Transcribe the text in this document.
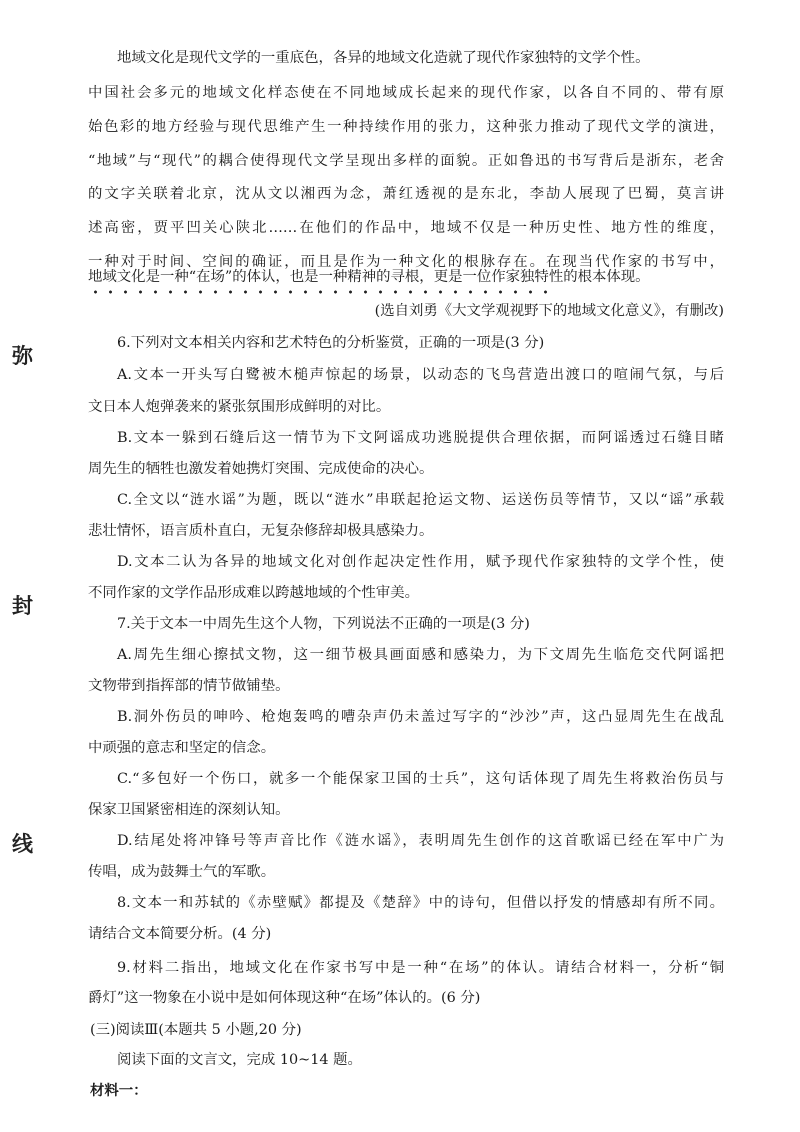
弥
封
线
地域文化是现代文学的一重底色，各异的地域文化造就了现代作家独特的文学个性。
中国社会多元的地域文化样态使在不同地域成长起来的现代作家，以各自不同的、带有原
始色彩的地方经验与现代思维产生一种持续作用的张力，这种张力推动了现代文学的演进，
“地域”与“现代”的耦合使得现代文学呈现出多样的面貌。正如鲁迅的书写背后是浙东，老舍
的文字关联着北京，沈从文以湘西为念，萧红透视的是东北，李劼人展现了巴蜀，莫言讲
述高密，贾平凹关心陕北……在他们的作品中，地域不仅是一种历史性、地方性的维度，
一种对于时间、空间的确证，而且是作为一种文化的根脉存在。在现当代作家的书写中，
地域文化是一种“在场”的体认，也是一种精神的寻根，更是一位作家独特性的根本体现。
(选自刘勇《大文学观视野下的地域文化意义》，有删改)
6.下列对文本相关内容和艺术特色的分析鉴赏，正确的一项是(3 分)
A.文本一开头写白鹭被木槌声惊起的场景，以动态的飞鸟营造出渡口的喧闹气氛，与后
文日本人炮弹袭来的紧张氛围形成鲜明的对比。
B.文本一躲到石缝后这一情节为下文阿谣成功逃脱提供合理依据，而阿谣透过石缝目睹
周先生的牺牲也激发着她携灯突围、完成使命的决心。
C.全文以“涟水谣”为题，既以“涟水”串联起抢运文物、运送伤员等情节，又以“谣”承载
悲壮情怀，语言质朴直白，无复杂修辞却极具感染力。
D.文本二认为各异的地域文化对创作起决定性作用，赋予现代作家独特的文学个性，使
不同作家的文学作品形成难以跨越地域的个性审美。
7.关于文本一中周先生这个人物，下列说法不正确的一项是(3 分)
A.周先生细心擦拭文物，这一细节极具画面感和感染力，为下文周先生临危交代阿谣把
文物带到指挥部的情节做铺垫。
B.洞外伤员的呻吟、枪炮轰鸣的嘈杂声仍未盖过写字的“沙沙”声，这凸显周先生在战乱
中顽强的意志和坚定的信念。
C.“多包好一个伤口，就多一个能保家卫国的士兵”，这句话体现了周先生将救治伤员与
保家卫国紧密相连的深刻认知。
D.结尾处将冲锋号等声音比作《涟水谣》，表明周先生创作的这首歌谣已经在军中广为
传唱，成为鼓舞士气的军歌。
8.文本一和苏轼的《赤壁赋》都提及《楚辞》中的诗句，但借以抒发的情感却有所不同。
请结合文本简要分析。(4 分)
9.材料二指出，地域文化在作家书写中是一种“在场”的体认。请结合材料一，分析“铜
爵灯”这一物象在小说中是如何体现这种“在场”体认的。(6 分)
(三)阅读Ⅲ(本题共 5 小题,20 分)
阅读下面的文言文，完成 10~14 题。
材料一：
